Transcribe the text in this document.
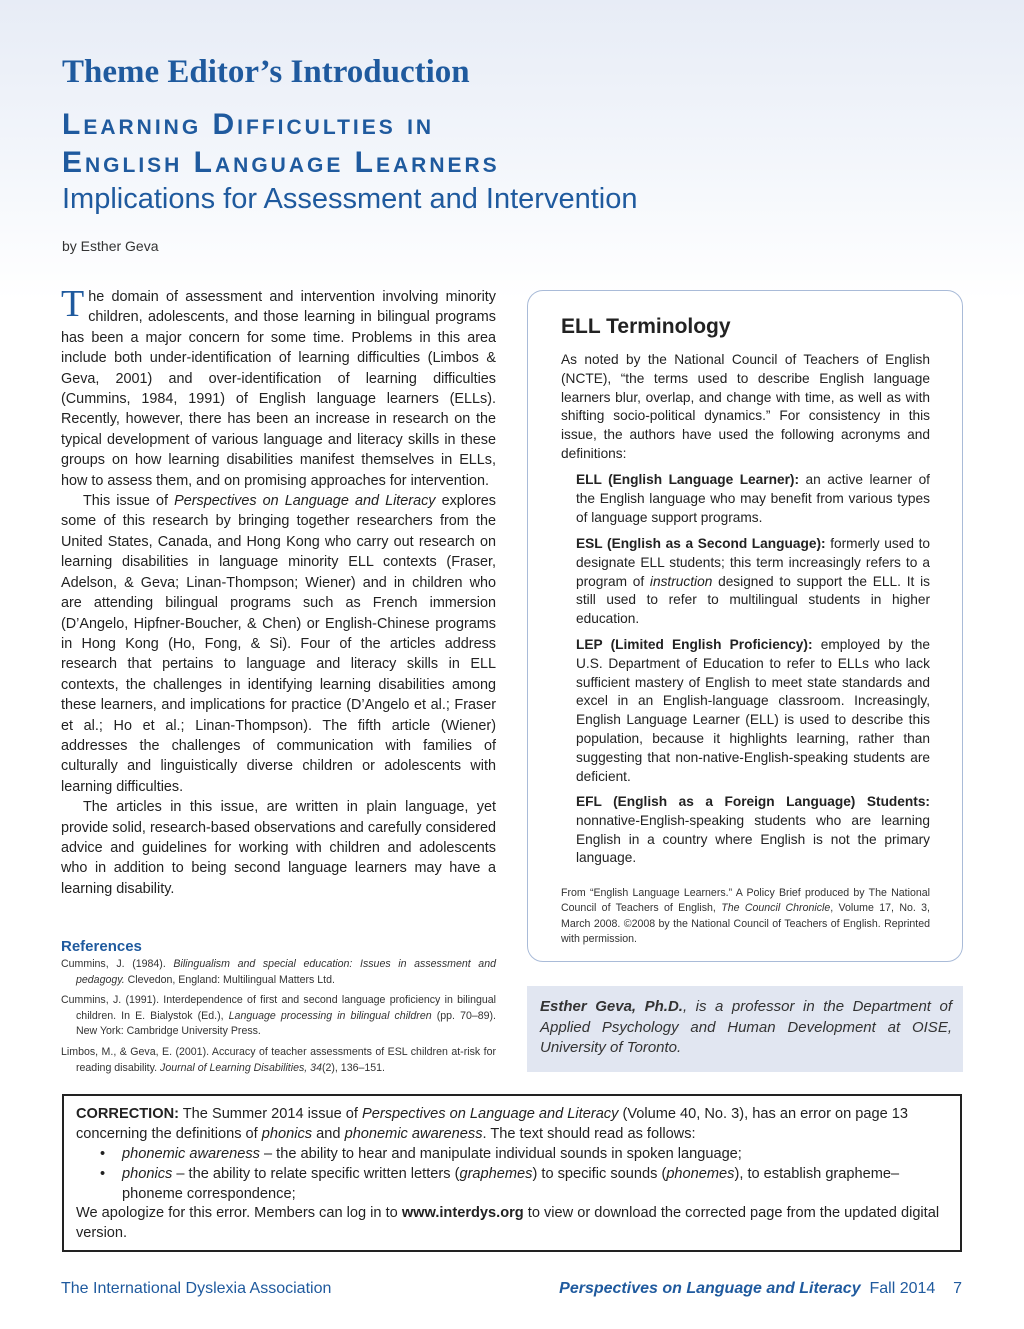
Theme Editor’s Introduction
Learning Difficulties in
English Language Learners
Implications for Assessment and Intervention
by Esther Geva

The domain of assessment and intervention involving minority children, adolescents, and those learning in bilingual programs has been a major concern for some time. Problems in this area include both under-identification of learning difficulties (Limbos & Geva, 2001) and over-identification of learning difficulties (Cummins, 1984, 1991) of English language learners (ELLs). Recently, however, there has been an increase in research on the typical development of various language and literacy skills in these groups on how learning disabilities manifest themselves in ELLs, how to assess them, and on promising approaches for intervention.

This issue of Perspectives on Language and Literacy explores some of this research by bringing together researchers from the United States, Canada, and Hong Kong who carry out research on learning disabilities in language minority ELL contexts (Fraser, Adelson, & Geva; Linan-Thompson; Wiener) and in children who are attending bilingual programs such as French immersion (D’Angelo, Hipfner-Boucher, & Chen) or English-Chinese programs in Hong Kong (Ho, Fong, & Si). Four of the articles address research that pertains to language and literacy skills in ELL contexts, the challenges in identifying learning disabilities among these learners, and implications for practice (D’Angelo et al.; Fraser et al.; Ho et al.; Linan-Thompson). The fifth article (Wiener) addresses the challenges of communication with families of culturally and linguistically diverse children or adolescents with learning difficulties.

The articles in this issue, are written in plain language, yet provide solid, research-based observations and carefully considered advice and guidelines for working with children and adolescents who in addition to being second language learners may have a learning disability.

References
Cummins, J. (1984). Bilingualism and special education: Issues in assessment and pedagogy. Clevedon, England: Multilingual Matters Ltd.
Cummins, J. (1991). Interdependence of first and second language proficiency in bilingual children. In E. Bialystok (Ed.), Language processing in bilingual children (pp. 70–89). New York: Cambridge University Press.
Limbos, M., & Geva, E. (2001). Accuracy of teacher assessments of ESL children at-risk for reading disability. Journal of Learning Disabilities, 34(2), 136–151.
ELL Terminology
As noted by the National Council of Teachers of English (NCTE), “the terms used to describe English language learners blur, overlap, and change with time, as well as with shifting socio-political dynamics.” For consistency in this issue, the authors have used the following acronyms and definitions:
ELL (English Language Learner): an active learner of the English language who may benefit from various types of language support programs.
ESL (English as a Second Language): formerly used to designate ELL students; this term increasingly refers to a program of instruction designed to support the ELL. It is still used to refer to multilingual students in higher education.
LEP (Limited English Proficiency): employed by the U.S. Department of Education to refer to ELLs who lack sufficient mastery of English to meet state standards and excel in an English-language classroom. Increasingly, English Language Learner (ELL) is used to describe this population, because it highlights learning, rather than suggesting that non-native-English-speaking students are deficient.
EFL (English as a Foreign Language) Students: nonnative-English-speaking students who are learning English in a country where English is not the primary language.
From “English Language Learners.” A Policy Brief produced by The National Council of Teachers of English, The Council Chronicle, Volume 17, No. 3, March 2008. ©2008 by the National Council of Teachers of English. Reprinted with permission.
Esther Geva, Ph.D., is a professor in the Department of Applied Psychology and Human Development at OISE, University of Toronto.
CORRECTION: The Summer 2014 issue of Perspectives on Language and Literacy (Volume 40, No. 3), has an error on page 13 concerning the definitions of phonics and phonemic awareness. The text should read as follows:
•	phonemic awareness – the ability to hear and manipulate individual sounds in spoken language;
•	phonics – the ability to relate specific written letters (graphemes) to specific sounds (phonemes), to establish grapheme–phoneme correspondence;
We apologize for this error. Members can log in to www.interdys.org to view or download the corrected page from the updated digital version.
The International Dyslexia Association	Perspectives on Language and Literacy Fall 2014 7
